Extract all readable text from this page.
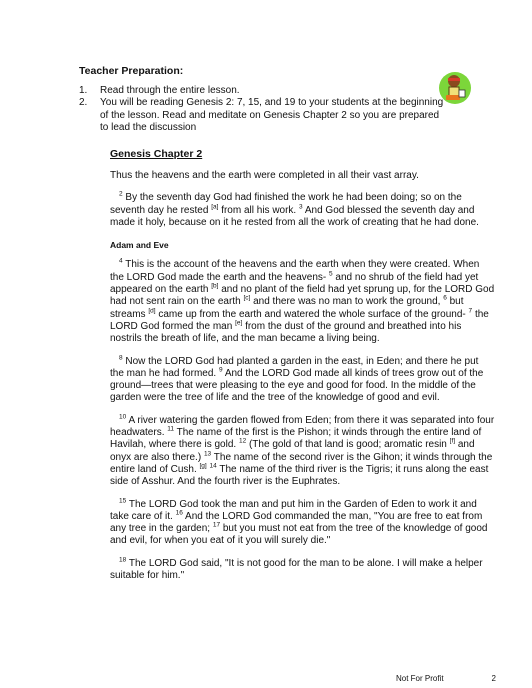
Teacher Preparation:
1.	Read through the entire lesson.
2.	You will be reading Genesis 2: 7, 15, and 19 to your students at the beginning of the lesson. Read and meditate on Genesis Chapter 2 so you are prepared to lead the discussion
Genesis Chapter 2

Thus the heavens and the earth were completed in all their vast array.

$^2$ By the seventh day God had finished the work he had been doing; so on the seventh day he rested [a] from all his work. $^3$ And God blessed the seventh day and made it holy, because on it he rested from all the work of creating that he had done.

Adam and Eve

$^4$ This is the account of the heavens and the earth when they were created. When the LORD God made the earth and the heavens- $^5$ and no shrub of the field had yet appeared on the earth [b] and no plant of the field had yet sprung up, for the LORD God had not sent rain on the earth [c] and there was no man to work the ground, $^6$ but streams [d] came up from the earth and watered the whole surface of the ground- $^7$ the LORD God formed the man [e] from the dust of the ground and breathed into his nostrils the breath of life, and the man became a living being.

$^8$ Now the LORD God had planted a garden in the east, in Eden; and there he put the man he had formed. $^9$ And the LORD God made all kinds of trees grow out of the ground—trees that were pleasing to the eye and good for food. In the middle of the garden were the tree of life and the tree of the knowledge of good and evil.

$^{10}$ A river watering the garden flowed from Eden; from there it was separated into four headwaters. $^{11}$ The name of the first is the Pishon; it winds through the entire land of Havilah, where there is gold. $^{12}$ (The gold of that land is good; aromatic resin [f] and onyx are also there.) $^{13}$ The name of the second river is the Gihon; it winds through the entire land of Cush. [g] $^{14}$ The name of the third river is the Tigris; it runs along the east side of Asshur. And the fourth river is the Euphrates.

$^{15}$ The LORD God took the man and put him in the Garden of Eden to work it and take care of it. $^{16}$ And the LORD God commanded the man, "You are free to eat from any tree in the garden; $^{17}$ but you must not eat from the tree of the knowledge of good and evil, for when you eat of it you will surely die."

$^{18}$ The LORD God said, "It is not good for the man to be alone. I will make a helper suitable for him."

Not For Profit	2
